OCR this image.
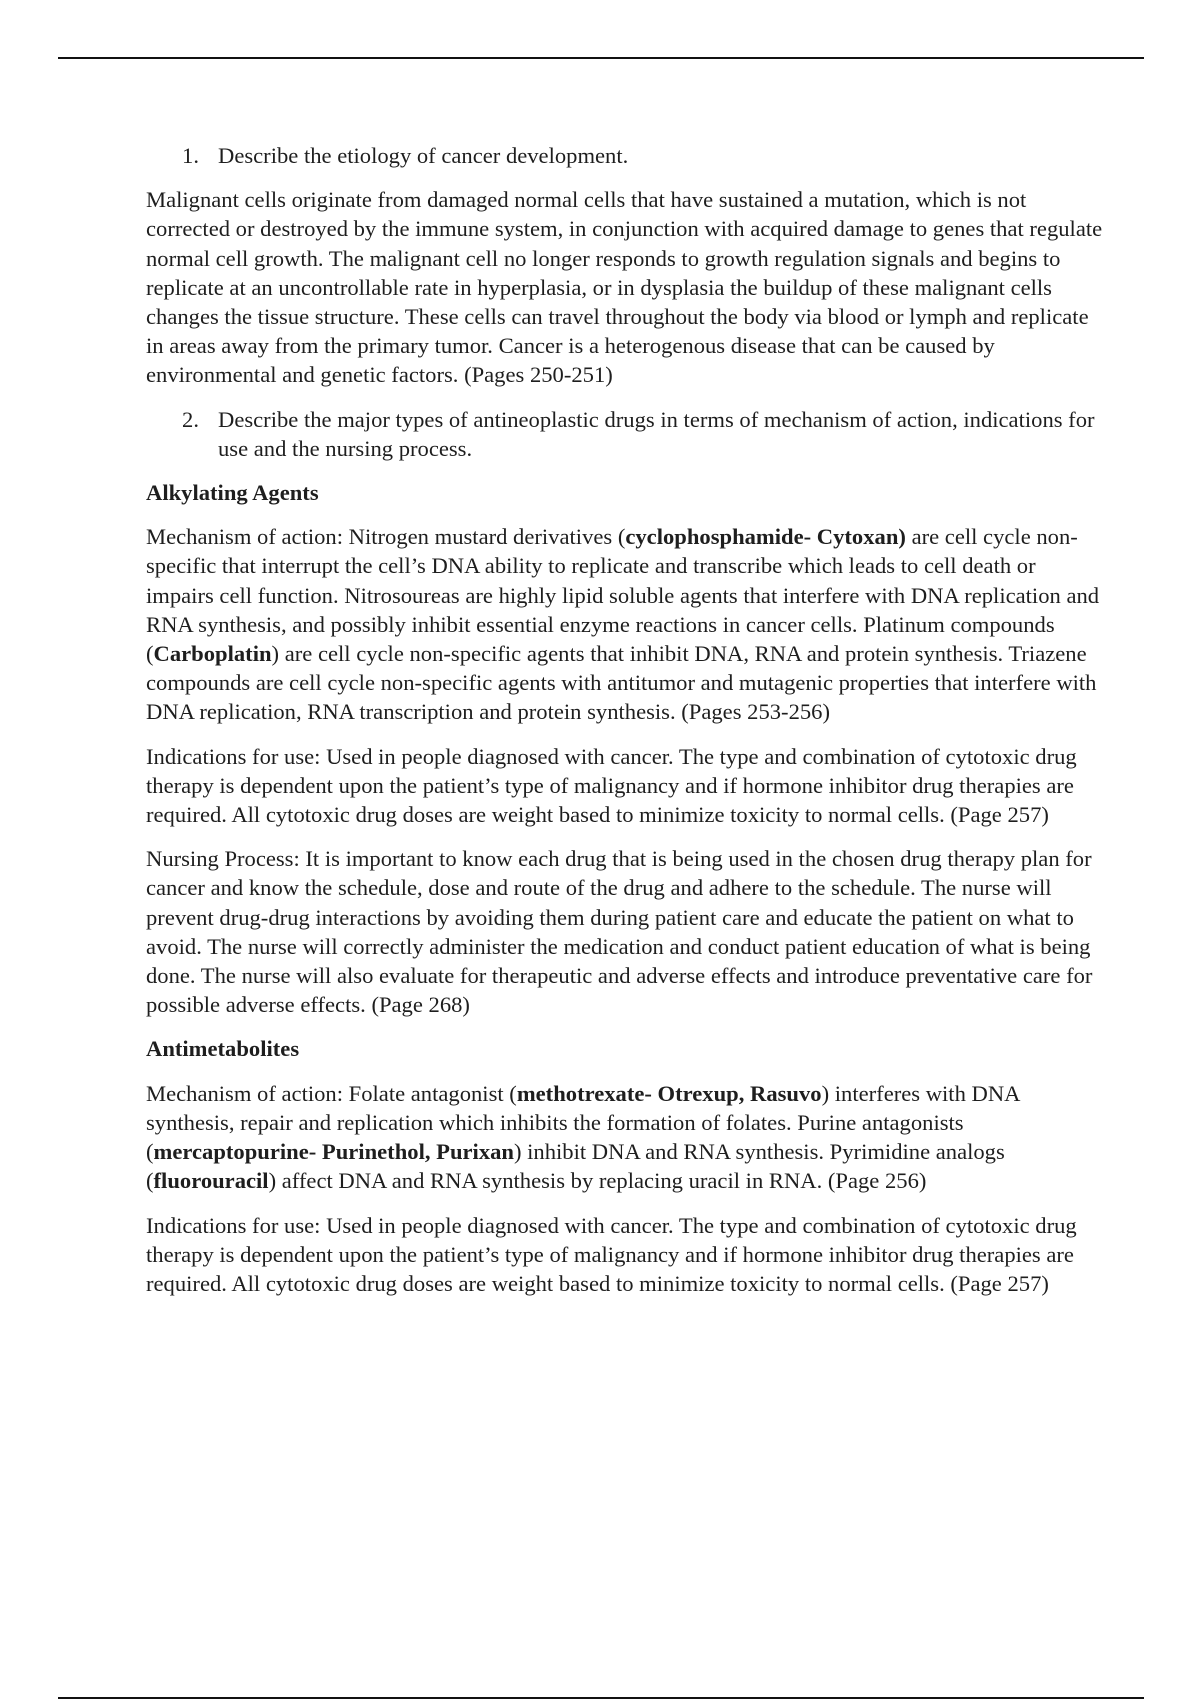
1. Describe the etiology of cancer development.

Malignant cells originate from damaged normal cells that have sustained a mutation, which is not corrected or destroyed by the immune system, in conjunction with acquired damage to genes that regulate normal cell growth. The malignant cell no longer responds to growth regulation signals and begins to replicate at an uncontrollable rate in hyperplasia, or in dysplasia the buildup of these malignant cells changes the tissue structure. These cells can travel throughout the body via blood or lymph and replicate in areas away from the primary tumor. Cancer is a heterogenous disease that can be caused by environmental and genetic factors. (Pages 250-251)

2. Describe the major types of antineoplastic drugs in terms of mechanism of action, indications for use and the nursing process.

Alkylating Agents

Mechanism of action: Nitrogen mustard derivatives (cyclophosphamide- Cytoxan) are cell cycle non-specific that interrupt the cell’s DNA ability to replicate and transcribe which leads to cell death or impairs cell function. Nitrosoureas are highly lipid soluble agents that interfere with DNA replication and RNA synthesis, and possibly inhibit essential enzyme reactions in cancer cells. Platinum compounds (Carboplatin) are cell cycle non-specific agents that inhibit DNA, RNA and protein synthesis. Triazene compounds are cell cycle non-specific agents with antitumor and mutagenic properties that interfere with DNA replication, RNA transcription and protein synthesis. (Pages 253-256)

Indications for use: Used in people diagnosed with cancer. The type and combination of cytotoxic drug therapy is dependent upon the patient’s type of malignancy and if hormone inhibitor drug therapies are required. All cytotoxic drug doses are weight based to minimize toxicity to normal cells. (Page 257)

Nursing Process: It is important to know each drug that is being used in the chosen drug therapy plan for cancer and know the schedule, dose and route of the drug and adhere to the schedule. The nurse will prevent drug-drug interactions by avoiding them during patient care and educate the patient on what to avoid. The nurse will correctly administer the medication and conduct patient education of what is being done. The nurse will also evaluate for therapeutic and adverse effects and introduce preventative care for possible adverse effects. (Page 268)

Antimetabolites

Mechanism of action: Folate antagonist (methotrexate- Otrexup, Rasuvo) interferes with DNA synthesis, repair and replication which inhibits the formation of folates. Purine antagonists (mercaptopurine- Purinethol, Purixan) inhibit DNA and RNA synthesis. Pyrimidine analogs (fluorouracil) affect DNA and RNA synthesis by replacing uracil in RNA. (Page 256)

Indications for use: Used in people diagnosed with cancer. The type and combination of cytotoxic drug therapy is dependent upon the patient’s type of malignancy and if hormone inhibitor drug therapies are required. All cytotoxic drug doses are weight based to minimize toxicity to normal cells. (Page 257)
